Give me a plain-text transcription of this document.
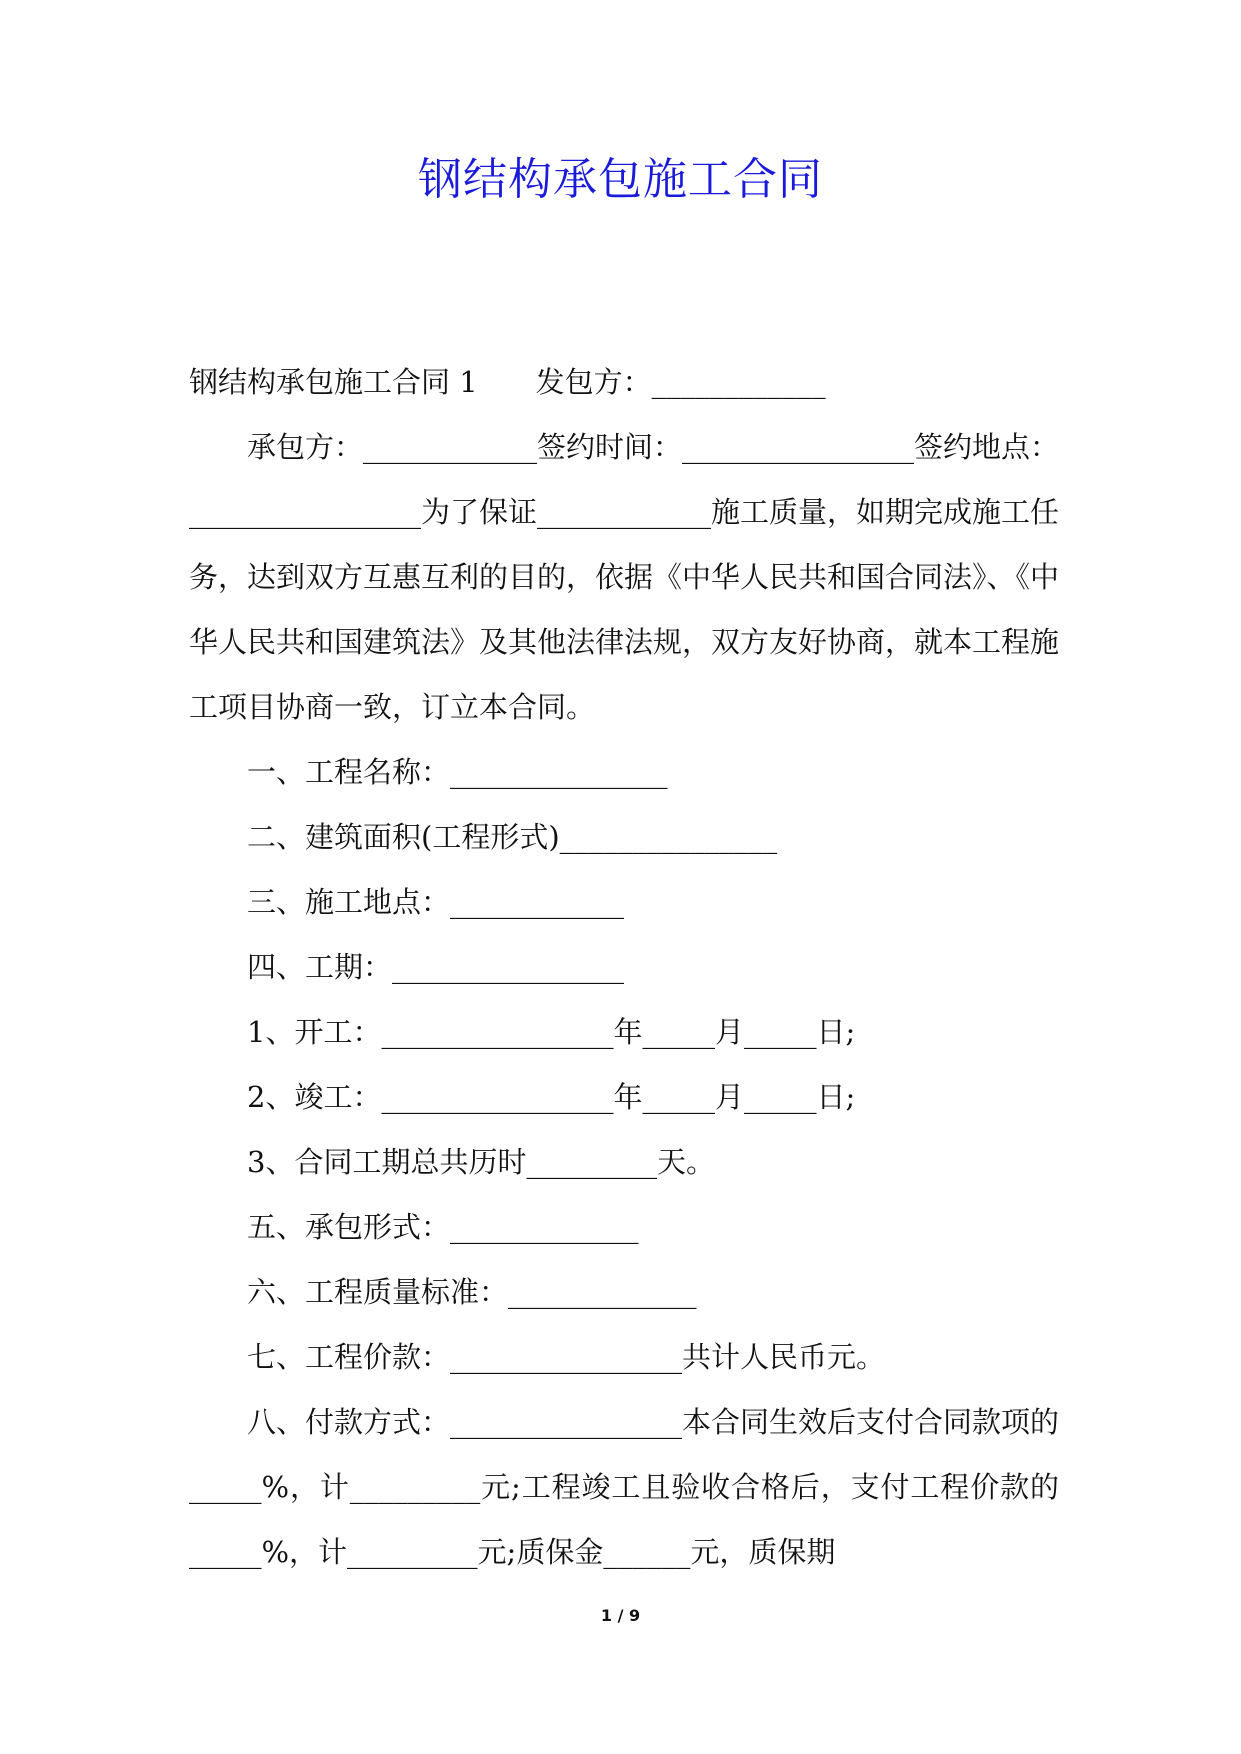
钢结构承包施工合同

钢结构承包施工合同 1　　发包方：____________

承包方：____________签约时间：________________签约地点：________________为了保证____________施工质量，如期完成施工任务，达到双方互惠互利的目的，依据《中华人民共和国合同法》、《中华人民共和国建筑法》及其他法律法规，双方友好协商，就本工程施工项目协商一致，订立本合同。

一、工程名称：_______________

二、建筑面积(工程形式)_______________

三、施工地点：____________

四、工期：________________

1、开工：________________年_____月_____日;

2、竣工：________________年_____月_____日;

3、合同工期总共历时_________天。

五、承包形式：_____________

六、工程质量标准：_____________

七、工程价款：________________共计人民币元。

八、付款方式：________________本合同生效后支付合同款项的_____%，计_________元;工程竣工且验收合格后，支付工程价款的_____%，计_________元;质保金______元，质保期

1 / 9
